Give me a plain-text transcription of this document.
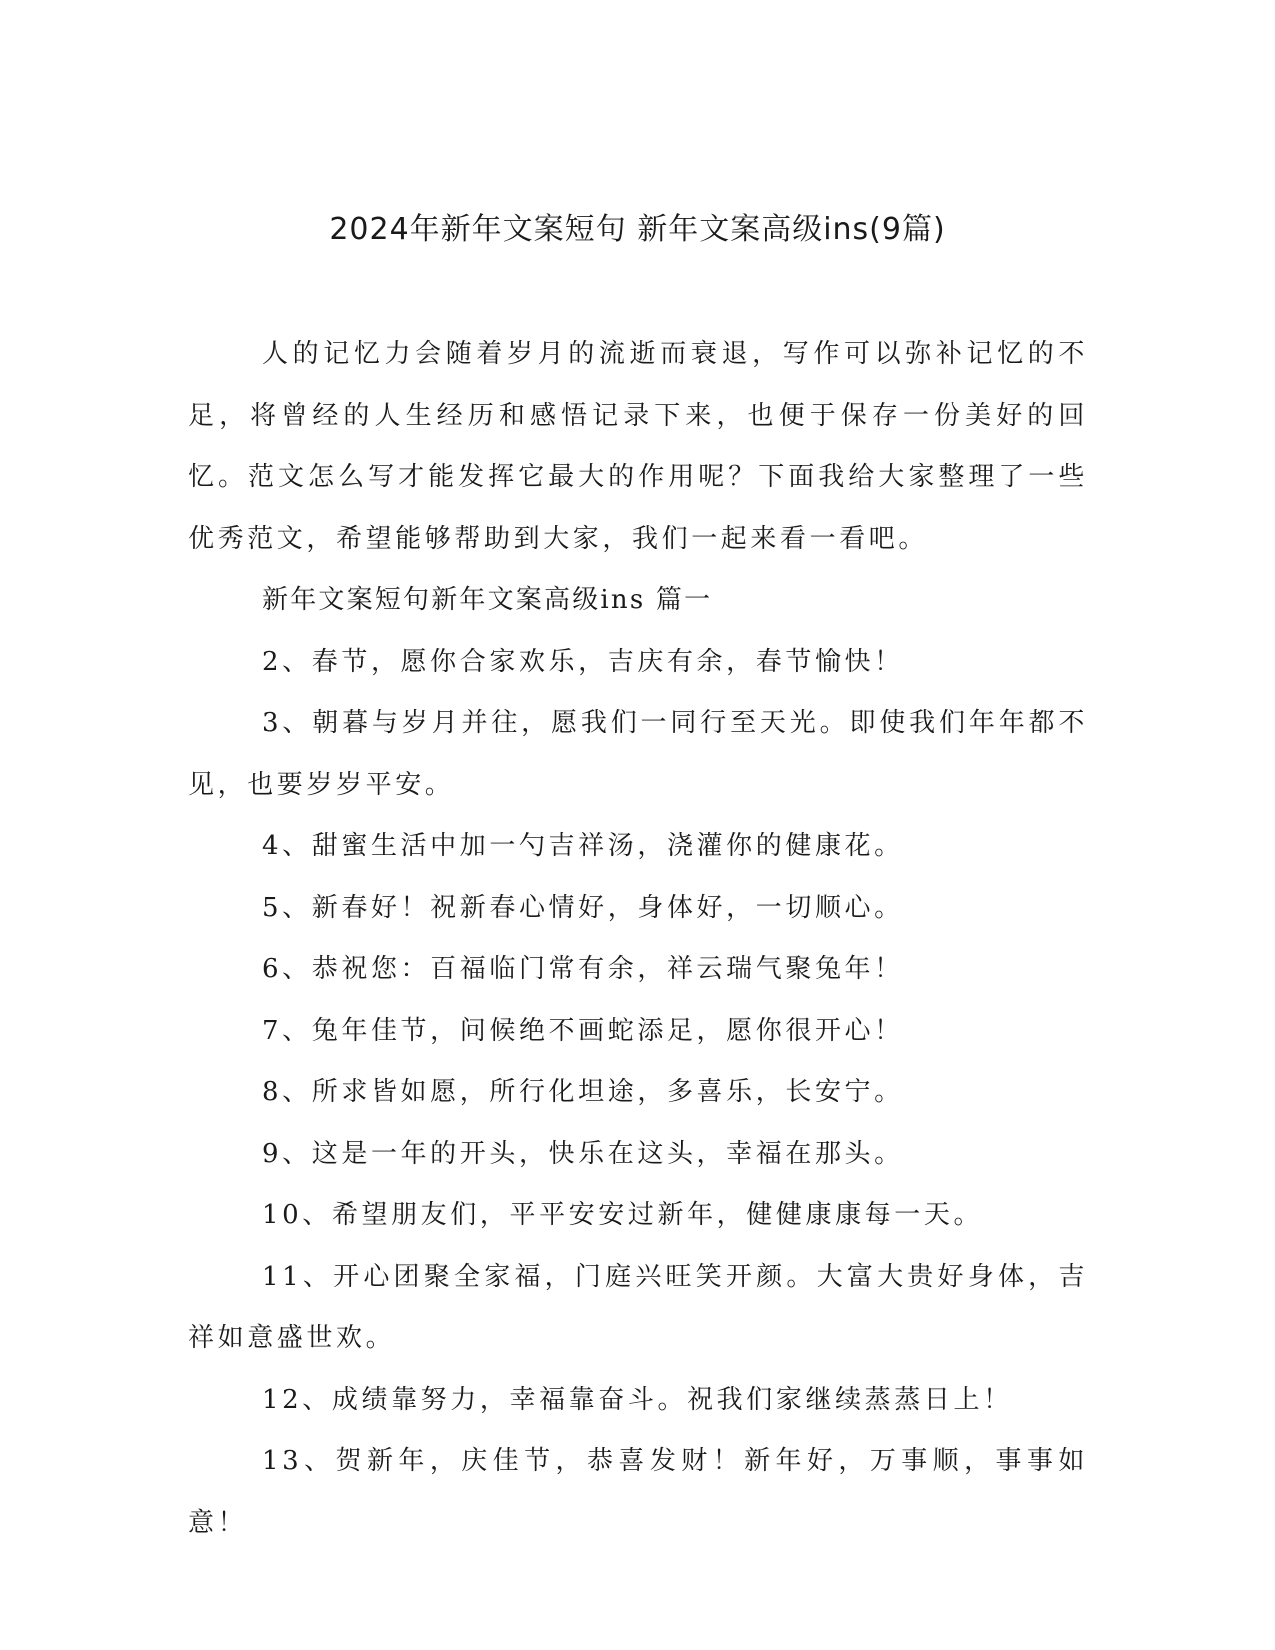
2024年新年文案短句 新年文案高级ins(9篇)

人的记忆力会随着岁月的流逝而衰退，写作可以弥补记忆的不足，将曾经的人生经历和感悟记录下来，也便于保存一份美好的回忆。范文怎么写才能发挥它最大的作用呢？下面我给大家整理了一些优秀范文，希望能够帮助到大家，我们一起来看一看吧。

新年文案短句新年文案高级ins 篇一

2、春节，愿你合家欢乐，吉庆有余，春节愉快！

3、朝暮与岁月并往，愿我们一同行至天光。即使我们年年都不见，也要岁岁平安。

4、甜蜜生活中加一勺吉祥汤，浇灌你的健康花。

5、新春好！祝新春心情好，身体好，一切顺心。

6、恭祝您：百福临门常有余，祥云瑞气聚兔年！

7、兔年佳节，问候绝不画蛇添足，愿你很开心！

8、所求皆如愿，所行化坦途，多喜乐，长安宁。

9、这是一年的开头，快乐在这头，幸福在那头。

10、希望朋友们，平平安安过新年，健健康康每一天。

11、开心团聚全家福，门庭兴旺笑开颜。大富大贵好身体，吉祥如意盛世欢。

12、成绩靠努力，幸福靠奋斗。祝我们家继续蒸蒸日上！

13、贺新年，庆佳节，恭喜发财！新年好，万事顺，事事如意！
